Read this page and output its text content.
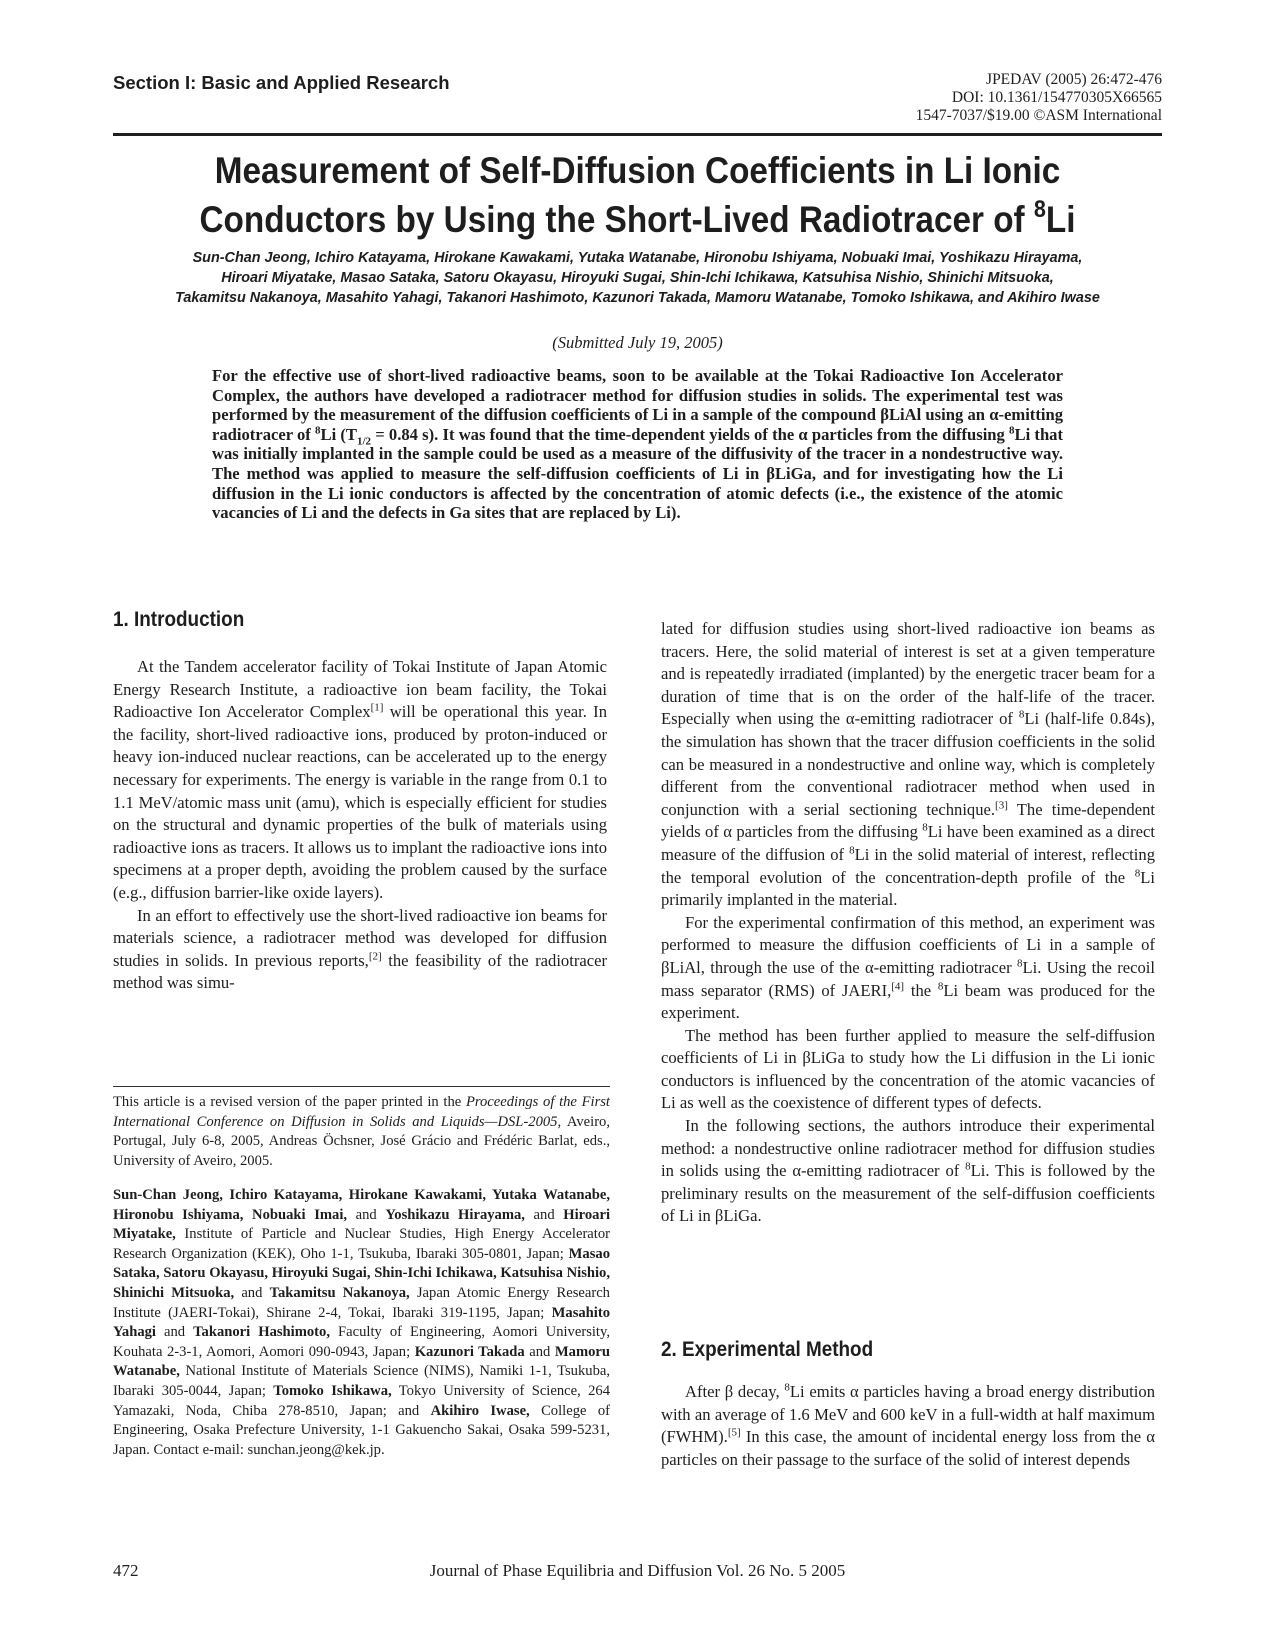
Section I: Basic and Applied Research	JPEDAV (2005) 26:472-476
DOI: 10.1361/154770305X66565
1547-7037/$19.00 ©ASM International
Measurement of Self-Diffusion Coefficients in Li Ionic
Conductors by Using the Short-Lived Radiotracer of $^8$Li
Sun-Chan Jeong, Ichiro Katayama, Hirokane Kawakami, Yutaka Watanabe, Hironobu Ishiyama, Nobuaki Imai, Yoshikazu Hirayama,
Hiroari Miyatake, Masao Sataka, Satoru Okayasu, Hiroyuki Sugai, Shin-Ichi Ichikawa, Katsuhisa Nishio, Shinichi Mitsuoka,
Takamitsu Nakanoya, Masahito Yahagi, Takanori Hashimoto, Kazunori Takada, Mamoru Watanabe, Tomoko Ishikawa, and Akihiro Iwase
(Submitted July 19, 2005)
For the effective use of short-lived radioactive beams, soon to be available at the Tokai Radioactive Ion Accelerator Complex, the authors have developed a radiotracer method for diffusion studies in solids. The experimental test was performed by the measurement of the diffusion coefficients of Li in a sample of the compound βLiAl using an α-emitting radiotracer of $^8$Li ($T_{1/2} = 0.84$ s). It was found that the time-dependent yields of the α particles from the diffusing $^8$Li that was initially implanted in the sample could be used as a measure of the diffusivity of the tracer in a nondestructive way. The method was applied to measure the self-diffusion coefficients of Li in βLiGa, and for investigating how the Li diffusion in the Li ionic conductors is affected by the concentration of atomic defects (i.e., the existence of the atomic vacancies of Li and the defects in Ga sites that are replaced by Li).
1. Introduction

At the Tandem accelerator facility of Tokai Institute of Japan Atomic Energy Research Institute, a radioactive ion beam facility, the Tokai Radioactive Ion Accelerator Complex[1] will be operational this year. In the facility, short-lived radioactive ions, produced by proton-induced or heavy ion-induced nuclear reactions, can be accelerated up to the energy necessary for experiments. The energy is variable in the range from 0.1 to 1.1 MeV/atomic mass unit (amu), which is especially efficient for studies on the structural and dynamic properties of the bulk of materials using radioactive ions as tracers. It allows us to implant the radioactive ions into specimens at a proper depth, avoiding the problem caused by the surface (e.g., diffusion barrier-like oxide layers).

In an effort to effectively use the short-lived radioactive ion beams for materials science, a radiotracer method was developed for diffusion studies in solids. In previous reports,[2] the feasibility of the radiotracer method was simu-

This article is a revised version of the paper printed in the Proceedings of the First International Conference on Diffusion in Solids and Liquids—DSL-2005, Aveiro, Portugal, July 6-8, 2005, Andreas Öchsner, José Grácio and Frédéric Barlat, eds., University of Aveiro, 2005.

Sun-Chan Jeong, Ichiro Katayama, Hirokane Kawakami, Yutaka Watanabe, Hironobu Ishiyama, Nobuaki Imai, and Yoshikazu Hirayama, and Hiroari Miyatake, Institute of Particle and Nuclear Studies, High Energy Accelerator Research Organization (KEK), Oho 1-1, Tsukuba, Ibaraki 305-0801, Japan; Masao Sataka, Satoru Okayasu, Hiroyuki Sugai, Shin-Ichi Ichikawa, Katsuhisa Nishio, Shinichi Mitsuoka, and Takamitsu Nakanoya, Japan Atomic Energy Research Institute (JAERI-Tokai), Shirane 2-4, Tokai, Ibaraki 319-1195, Japan; Masahito Yahagi and Takanori Hashimoto, Faculty of Engineering, Aomori University, Kouhata 2-3-1, Aomori, Aomori 090-0943, Japan; Kazunori Takada and Mamoru Watanabe, National Institute of Materials Science (NIMS), Namiki 1-1, Tsukuba, Ibaraki 305-0044, Japan; Tomoko Ishikawa, Tokyo University of Science, 264 Yamazaki, Noda, Chiba 278-8510, Japan; and Akihiro Iwase, College of Engineering, Osaka Prefecture University, 1-1 Gakuencho Sakai, Osaka 599-5231, Japan. Contact e-mail: sunchan.jeong@kek.jp.

lated for diffusion studies using short-lived radioactive ion beams as tracers. Here, the solid material of interest is set at a given temperature and is repeatedly irradiated (implanted) by the energetic tracer beam for a duration of time that is on the order of the half-life of the tracer. Especially when using the α-emitting radiotracer of $^8$Li (half-life 0.84s), the simulation has shown that the tracer diffusion coefficients in the solid can be measured in a nondestructive and online way, which is completely different from the conventional radiotracer method when used in conjunction with a serial sectioning technique.[3] The time-dependent yields of α particles from the diffusing $^8$Li have been examined as a direct measure of the diffusion of $^8$Li in the solid material of interest, reflecting the temporal evolution of the concentration-depth profile of the $^8$Li primarily implanted in the material.

For the experimental confirmation of this method, an experiment was performed to measure the diffusion coefficients of Li in a sample of βLiAl, through the use of the α-emitting radiotracer $^8$Li. Using the recoil mass separator (RMS) of JAERI,[4] the $^8$Li beam was produced for the experiment.

The method has been further applied to measure the self-diffusion coefficients of Li in βLiGa to study how the Li diffusion in the Li ionic conductors is influenced by the concentration of the atomic vacancies of Li as well as the coexistence of different types of defects.

In the following sections, the authors introduce their experimental method: a nondestructive online radiotracer method for diffusion studies in solids using the α-emitting radiotracer of $^8$Li. This is followed by the preliminary results on the measurement of the self-diffusion coefficients of Li in βLiGa.

2. Experimental Method

After β decay, $^8$Li emits α particles having a broad energy distribution with an average of 1.6 MeV and 600 keV in a full-width at half maximum (FWHM).[5] In this case, the amount of incidental energy loss from the α particles on their passage to the surface of the solid of interest depends

472	Journal of Phase Equilibria and Diffusion Vol. 26 No. 5 2005
